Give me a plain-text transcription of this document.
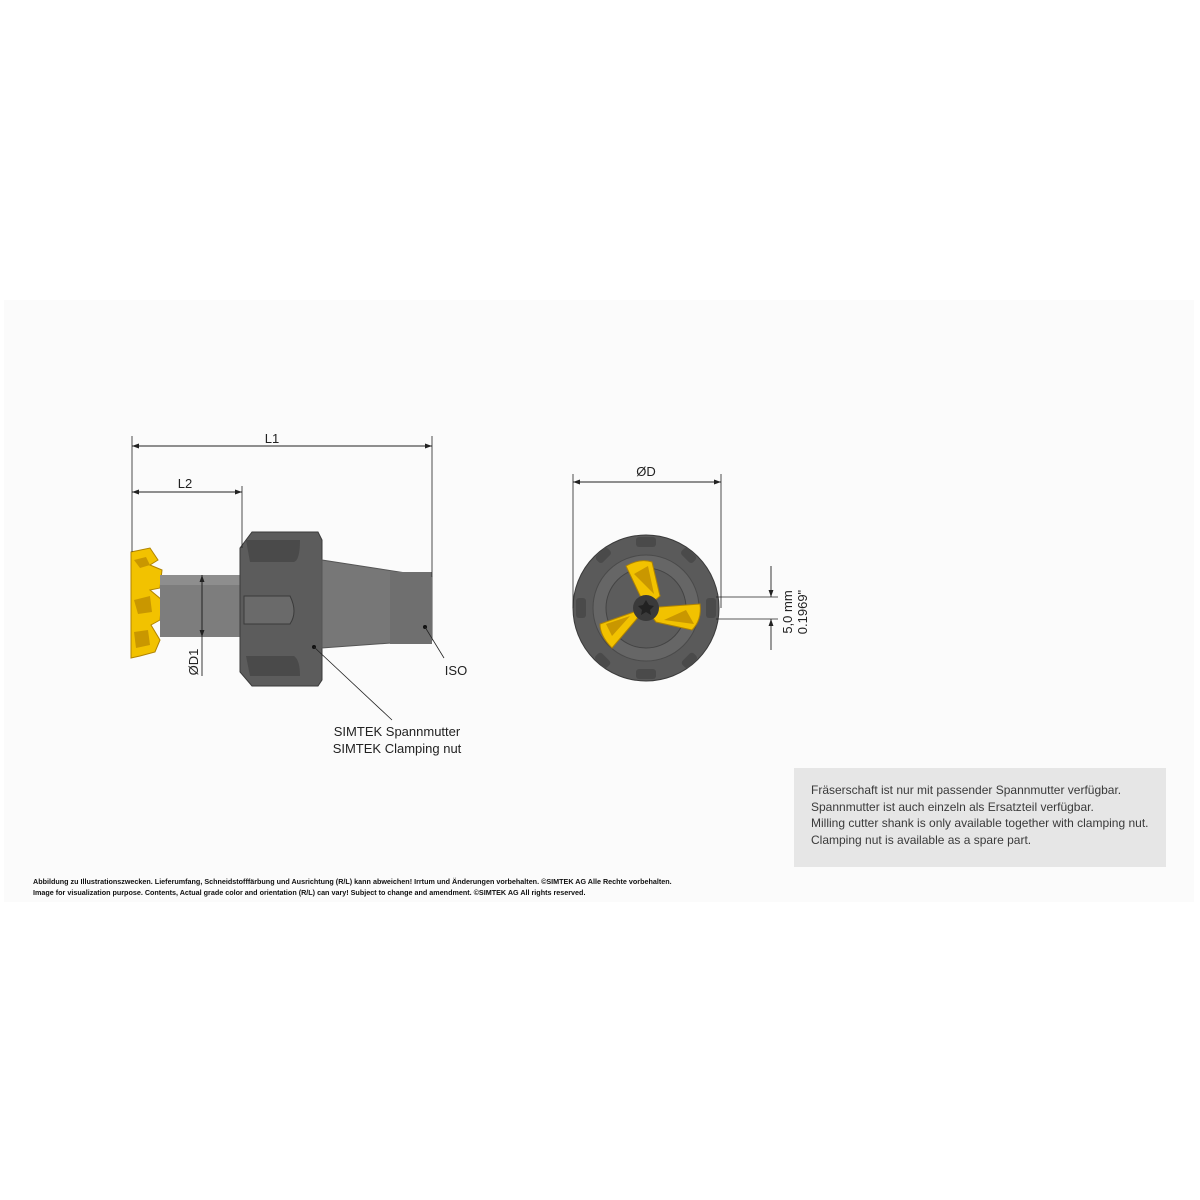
L1
L2
ØD1	ISO
SIMTEK Spannmutter
SIMTEK Clamping nut
ØD
5,0 mm 0.1969"
Fräserschaft ist nur mit passender Spannmutter verfügbar.
Spannmutter ist auch einzeln als Ersatzteil verfügbar.
Milling cutter shank is only available together with clamping nut.
Clamping nut is available as a spare part.
Abbildung zu Illustrationszwecken. Lieferumfang, Schneidstofffärbung und Ausrichtung (R/L) kann abweichen! Irrtum und Änderungen vorbehalten. ©SIMTEK AG Alle Rechte vorbehalten.
Image for visualization purpose. Contents, Actual grade color and orientation (R/L) can vary! Subject to change and amendment. ©SIMTEK AG All rights reserved.
